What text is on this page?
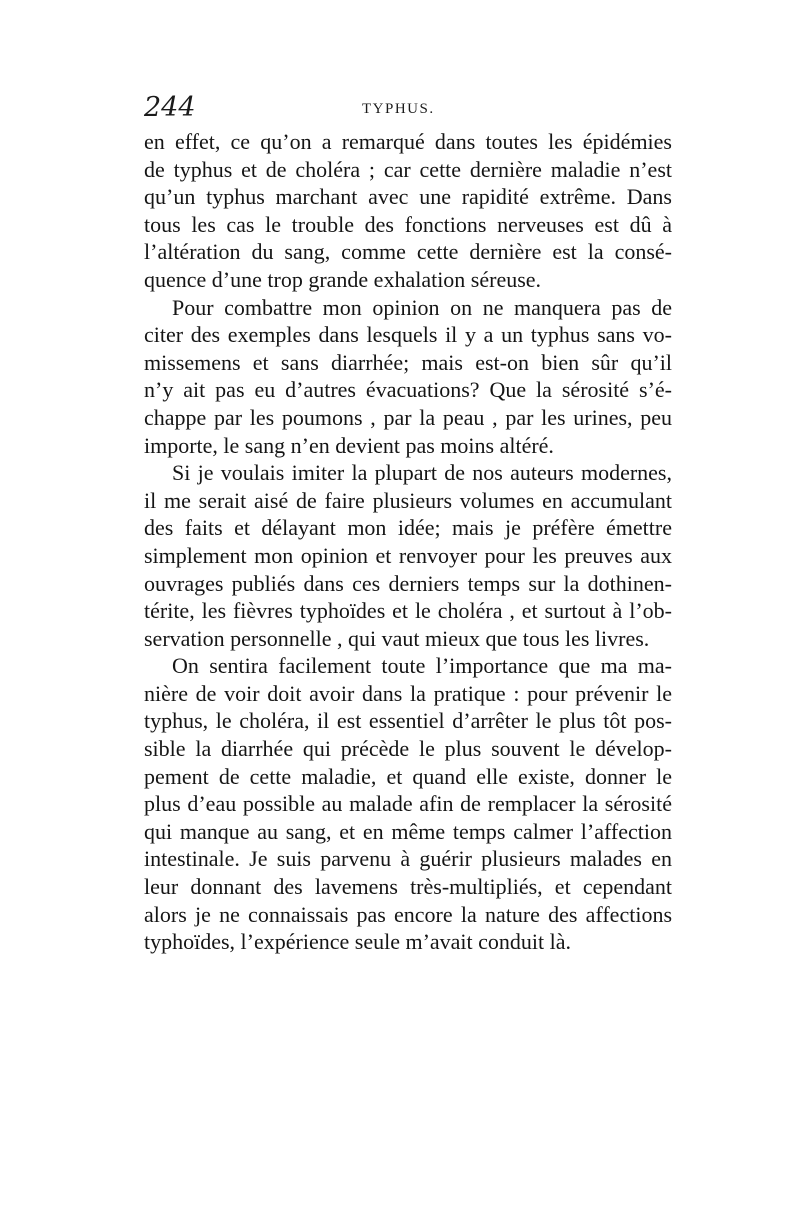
244	TYPHUS.
en effet, ce qu’on a remarqué dans toutes les épidémies
de typhus et de choléra ; car cette dernière maladie n’est
qu’un typhus marchant avec une rapidité extrême. Dans
tous les cas le trouble des fonctions nerveuses est dû à
l’altération du sang, comme cette dernière est la consé-
quence d’une trop grande exhalation séreuse.
Pour combattre mon opinion on ne manquera pas de
citer des exemples dans lesquels il y a un typhus sans vo-
missemens et sans diarrhée; mais est-on bien sûr qu’il
n’y ait pas eu d’autres évacuations? Que la sérosité s’é-
chappe par les poumons , par la peau , par les urines, peu
importe, le sang n’en devient pas moins altéré.
Si je voulais imiter la plupart de nos auteurs modernes,
il me serait aisé de faire plusieurs volumes en accumulant
des faits et délayant mon idée; mais je préfère émettre
simplement mon opinion et renvoyer pour les preuves aux
ouvrages publiés dans ces derniers temps sur la dothinen-
térite, les fièvres typhoïdes et le choléra , et surtout à l’ob-
servation personnelle , qui vaut mieux que tous les livres.
On sentira facilement toute l’importance que ma ma-
nière de voir doit avoir dans la pratique : pour prévenir le
typhus, le choléra, il est essentiel d’arrêter le plus tôt pos-
sible la diarrhée qui précède le plus souvent le dévelop-
pement de cette maladie, et quand elle existe, donner le
plus d’eau possible au malade afin de remplacer la sérosité
qui manque au sang, et en même temps calmer l’affection
intestinale. Je suis parvenu à guérir plusieurs malades en
leur donnant des lavemens très-multipliés, et cependant
alors je ne connaissais pas encore la nature des affections
typhoïdes, l’expérience seule m’avait conduit là.
